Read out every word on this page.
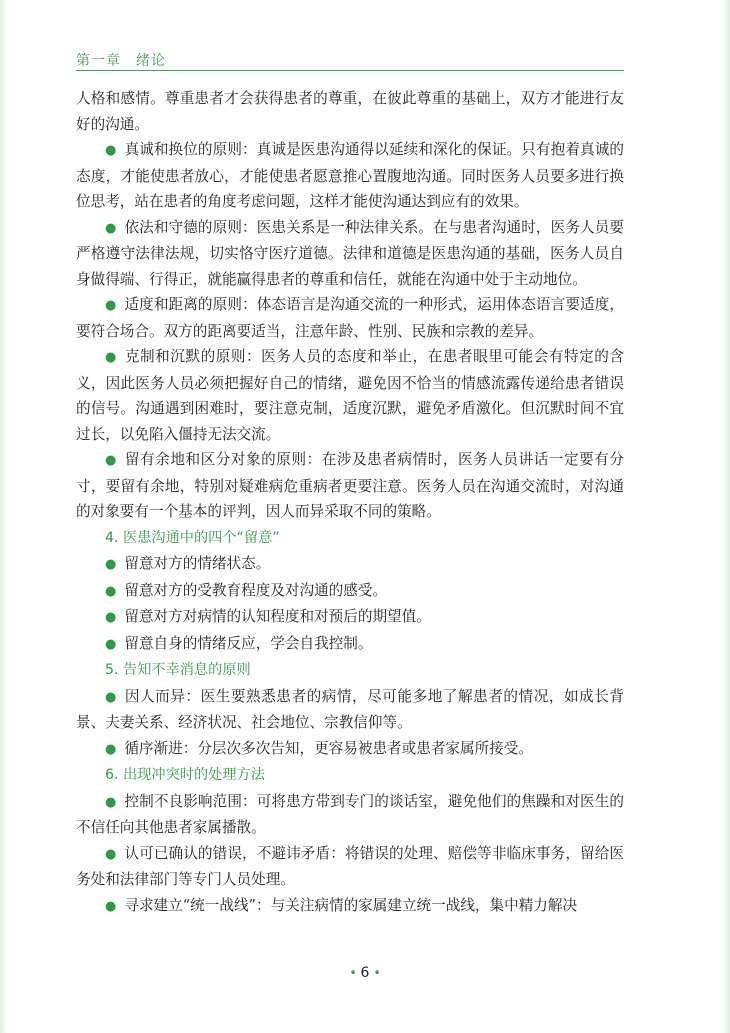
第一章　绪论

人格和感情。尊重患者才会获得患者的尊重，在彼此尊重的基础上，双方才能进行友好的沟通。

● 真诚和换位的原则：真诚是医患沟通得以延续和深化的保证。只有抱着真诚的态度，才能使患者放心，才能使患者愿意推心置腹地沟通。同时医务人员要多进行换位思考，站在患者的角度考虑问题，这样才能使沟通达到应有的效果。

● 依法和守德的原则：医患关系是一种法律关系。在与患者沟通时，医务人员要严格遵守法律法规，切实恪守医疗道德。法律和道德是医患沟通的基础，医务人员自身做得端、行得正，就能赢得患者的尊重和信任，就能在沟通中处于主动地位。

● 适度和距离的原则：体态语言是沟通交流的一种形式，运用体态语言要适度，要符合场合。双方的距离要适当，注意年龄、性别、民族和宗教的差异。

● 克制和沉默的原则：医务人员的态度和举止，在患者眼里可能会有特定的含义，因此医务人员必须把握好自己的情绪，避免因不恰当的情感流露传递给患者错误的信号。沟通遇到困难时，要注意克制，适度沉默，避免矛盾激化。但沉默时间不宜过长，以免陷入僵持无法交流。

● 留有余地和区分对象的原则：在涉及患者病情时，医务人员讲话一定要有分寸，要留有余地，特别对疑难病危重病者更要注意。医务人员在沟通交流时，对沟通的对象要有一个基本的评判，因人而异采取不同的策略。

4. 医患沟通中的四个“留意”

● 留意对方的情绪状态。

● 留意对方的受教育程度及对沟通的感受。

● 留意对方对病情的认知程度和对预后的期望值。

● 留意自身的情绪反应，学会自我控制。

5. 告知不幸消息的原则

● 因人而异：医生要熟悉患者的病情，尽可能多地了解患者的情况，如成长背景、夫妻关系、经济状况、社会地位、宗教信仰等。

● 循序渐进：分层次多次告知，更容易被患者或患者家属所接受。

6. 出现冲突时的处理方法

● 控制不良影响范围：可将患方带到专门的谈话室，避免他们的焦躁和对医生的不信任向其他患者家属播散。

● 认可已确认的错误，不避讳矛盾：将错误的处理、赔偿等非临床事务，留给医务处和法律部门等专门人员处理。

● 寻求建立“统一战线”：与关注病情的家属建立统一战线，集中精力解决

• 6 •
